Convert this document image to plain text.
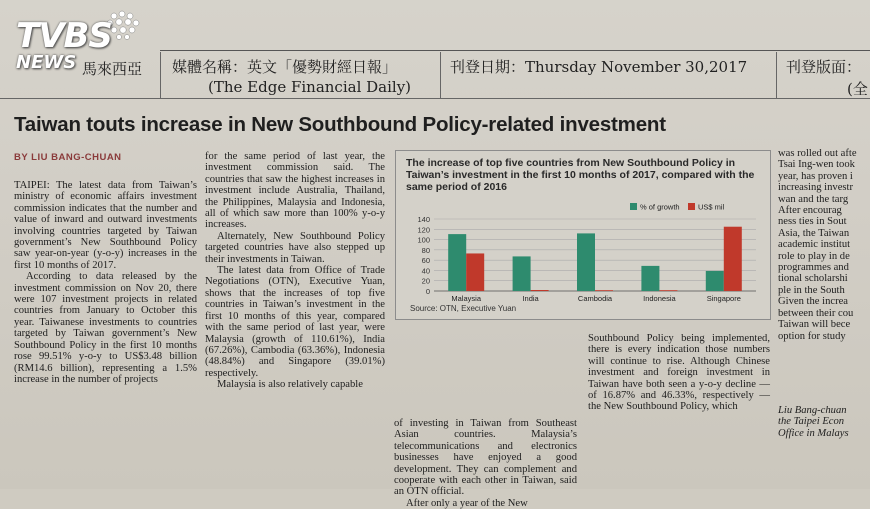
TVBS
NEWS 馬來西亞 媒體名稱：英文「優勢財經日報」
(The Edge Financial Daily)
刊登日期：Thursday November 30,2017	刊登版面：
(全
Taiwan touts increase in New Southbound Policy-related investment
BY LIU BANG-CHUAN

TAIPEI: The latest data from Taiwan’s ministry of economic affairs investment commission indicates that the number and value of inward and outward investments involving countries targeted by Taiwan government’s New Southbound Policy saw year-on-year (y-o-y) increases in the first 10 months of 2017.

According to data released by the investment commission on Nov 20, there were 107 investment projects in related countries from January to October this year. Taiwanese investments to countries targeted by Taiwan government’s New Southbound Policy in the first 10 months rose 99.51% y-o-y to US$3.48 billion (RM14.6 billion), representing a 1.5% increase in the number of projects

for the same period of last year, the investment commission said. The countries that saw the highest increases in investment include Australia, Thailand, the Philippines, Malaysia and Indonesia, all of which saw more than 100% y-o-y increases.

Alternately, New Southbound Policy targeted countries have also stepped up their investments in Taiwan.

The latest data from Office of Trade Negotiations (OTN), Executive Yuan, shows that the increases of top five countries in Taiwan’s investment in the first 10 months of this year, compared with the same period of last year, were Malaysia (growth of 110.61%), India (67.26%), Cambodia (63.36%), Indonesia (48.84%) and Singapore (39.01%) respectively.

Malaysia is also relatively capable

The increase of top five countries from New Southbound Policy in Taiwan’s investment in the first 10 months of 2017, compared with the same period of 2016
0
20
40
60
80
100
120
140
% of growth US$ mil
Malaysia	India	Cambodia	Indonesia	Singapore
Source: OTN, Executive Yuan

of investing in Taiwan from Southeast Asian countries. Malaysia’s telecommunications and electronics businesses have enjoyed a good development. They can complement and cooperate with each other in Taiwan, said an OTN official.

After only a year of the New

Southbound Policy being implemented, there is every indication those numbers will continue to rise. Although Chinese investment and foreign investment in Taiwan have both seen a y-o-y decline — of 16.87% and 46.33%, respectively — the New Southbound Policy, which

was rolled out afte

Tsai Ing-wen took

year, has proven i

increasing investr

wan and the targ

After encourag

ness ties in Sout

Asia, the Taiwan

academic institut

role to play in de

programmes and

tional scholarshi

ple in the South

Given the increa

between their cou

Taiwan will bece

option for study

Liu Bang-chuan

the Taipei Econ

Office in Malays
